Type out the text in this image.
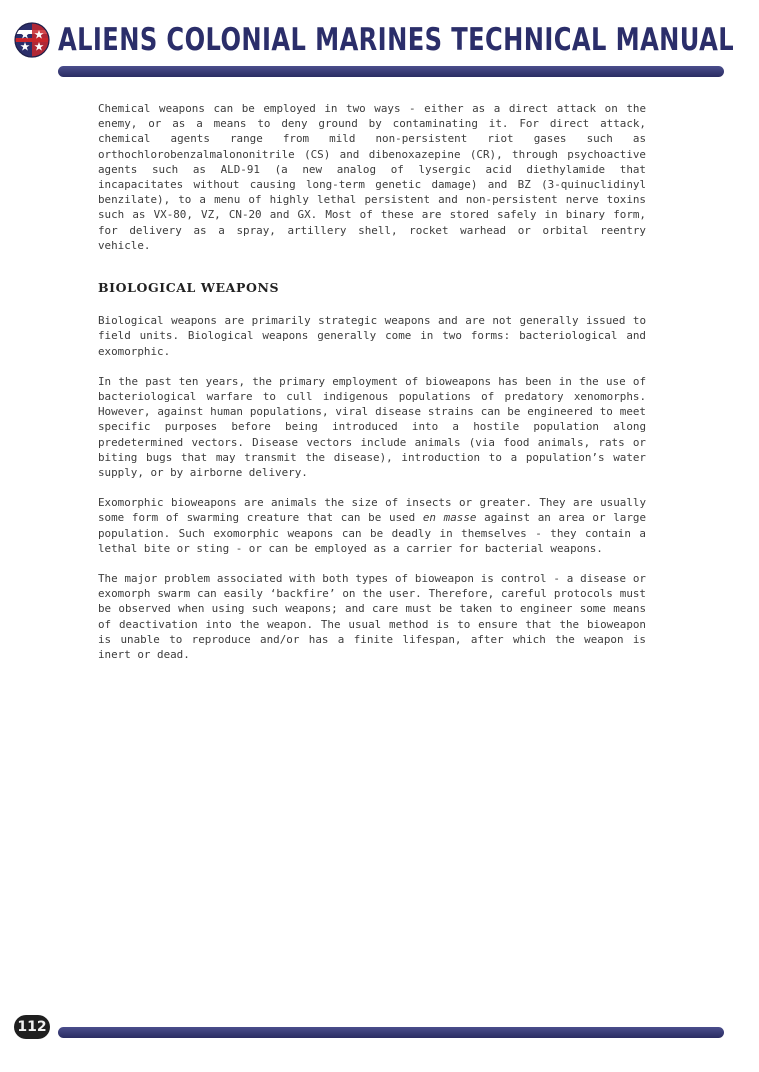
ALIENS COLONIAL MARINES TECHNICAL MANUAL

Chemical weapons can be employed in two ways - either as a direct attack on the enemy, or as a means to deny ground by contaminating it. For direct attack, chemical agents range from mild non-persistent riot gases such as orthochlorobenzalmalononitrile (CS) and dibenoxazepine (CR), through psychoactive agents such as ALD-91 (a new analog of lysergic acid diethylamide that incapacitates without causing long-term genetic damage) and BZ (3-quinuclidinyl benzilate), to a menu of highly lethal persistent and non-persistent nerve toxins such as VX-80, VZ, CN-20 and GX. Most of these are stored safely in binary form, for delivery as a spray, artillery shell, rocket warhead or orbital reentry vehicle.

BIOLOGICAL WEAPONS

Biological weapons are primarily strategic weapons and are not generally issued to field units. Biological weapons generally come in two forms: bacteriological and exomorphic.

In the past ten years, the primary employment of bioweapons has been in the use of bacteriological warfare to cull indigenous populations of predatory xenomorphs. However, against human populations, viral disease strains can be engineered to meet specific purposes before being introduced into a hostile population along predetermined vectors. Disease vectors include animals (via food animals, rats or biting bugs that may transmit the disease), introduction to a population’s water supply, or by airborne delivery.

Exomorphic bioweapons are animals the size of insects or greater. They are usually some form of swarming creature that can be used en masse against an area or large population. Such exomorphic weapons can be deadly in themselves - they contain a lethal bite or sting - or can be employed as a carrier for bacterial weapons.

The major problem associated with both types of bioweapon is control - a disease or exomorph swarm can easily ‘backfire’ on the user. Therefore, careful protocols must be observed when using such weapons; and care must be taken to engineer some means of deactivation into the weapon. The usual method is to ensure that the bioweapon is unable to reproduce and/or has a finite lifespan, after which the weapon is inert or dead.

112
